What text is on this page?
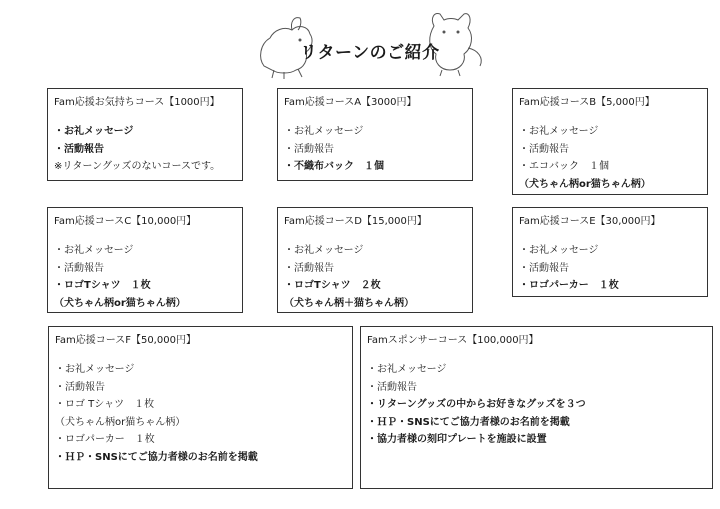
リターンのご紹介
Fam応援お気持ちコース【1000円】
・お礼メッセージ
・活動報告
※リターングッズのないコースです。
Fam応援コースA【3000円】
・お礼メッセージ
・活動報告
・不織布バック　１個
Fam応援コースB【5,000円】
・お礼メッセージ
・活動報告
・エコバック　１個
（犬ちゃん柄or猫ちゃん柄）
Fam応援コースC【10,000円】
・お礼メッセージ
・活動報告
・ロゴTシャツ　１枚
（犬ちゃん柄or猫ちゃん柄）
Fam応援コースD【15,000円】
・お礼メッセージ
・活動報告
・ロゴTシャツ　２枚
（犬ちゃん柄＋猫ちゃん柄）
Fam応援コースE【30,000円】
・お礼メッセージ
・活動報告
・ロゴパーカー　１枚
Fam応援コースF【50,000円】
・お礼メッセージ
・活動報告
・ロゴ Tシャツ　１枚
（犬ちゃん柄or猫ちゃん柄）
・ロゴパーカー　１枚
・ＨＰ・SNSにてご協力者様のお名前を掲載
Famスポンサーコース【100,000円】
・お礼メッセージ
・活動報告
・リターングッズの中からお好きなグッズを３つ
・ＨＰ・SNSにてご協力者様のお名前を掲載
・協力者様の刻印プレートを施設に設置
